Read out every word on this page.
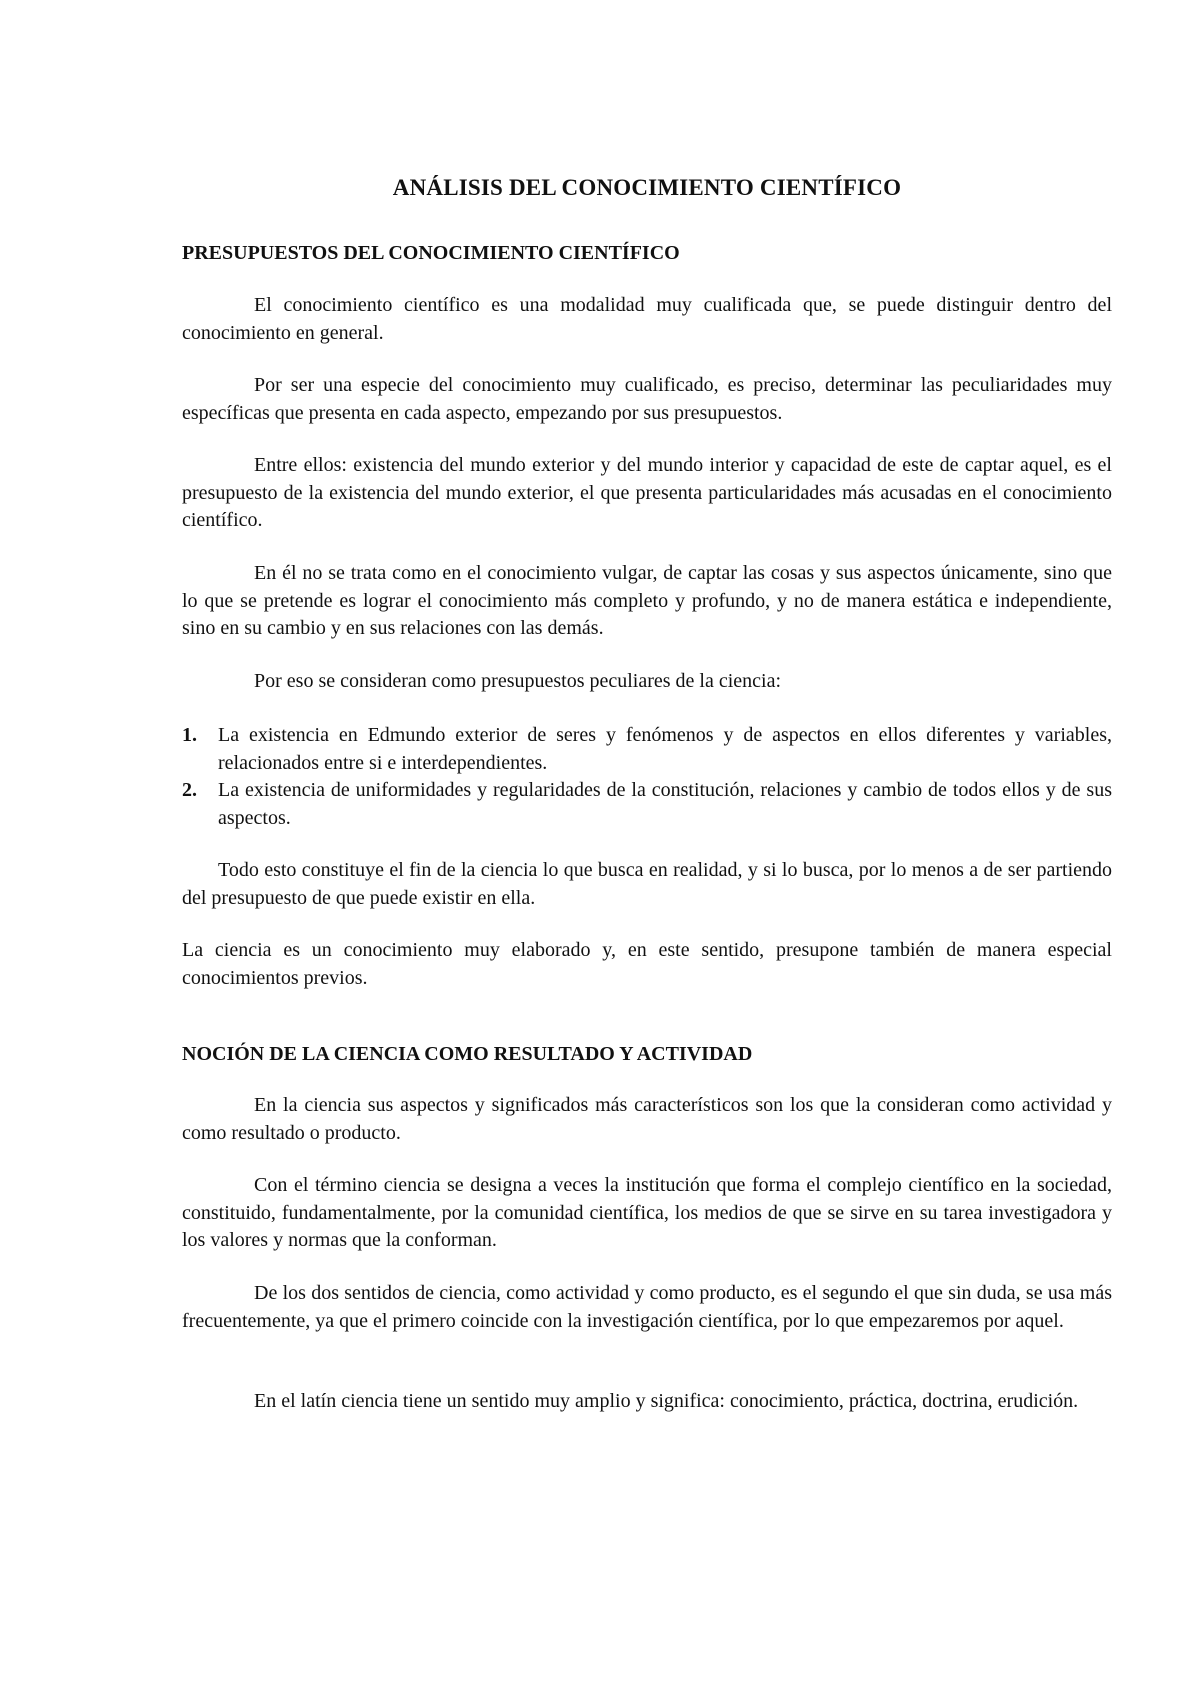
ANÁLISIS DEL CONOCIMIENTO CIENTÍFICO
PRESUPUESTOS DEL CONOCIMIENTO CIENTÍFICO

El conocimiento científico es una modalidad muy cualificada que, se puede distinguir dentro del conocimiento en general.

Por ser una especie del conocimiento muy cualificado, es preciso, determinar las peculiaridades muy específicas que presenta en cada aspecto, empezando por sus presupuestos.

Entre ellos: existencia del mundo exterior y del mundo interior y capacidad de este de captar aquel, es el presupuesto de la existencia del mundo exterior, el que presenta particularidades más acusadas en el conocimiento científico.

En él no se trata como en el conocimiento vulgar, de captar las cosas y sus aspectos únicamente, sino que lo que se pretende es lograr el conocimiento más completo y profundo, y no de manera estática e independiente, sino en su cambio y en sus relaciones con las demás.

Por eso se consideran como presupuestos peculiares de la ciencia:

1. La existencia en Edmundo exterior de seres y fenómenos y de aspectos en ellos diferentes y variables, relacionados entre si e interdependientes.
2. La existencia de uniformidades y regularidades de la constitución, relaciones y cambio de todos ellos y de sus aspectos.

Todo esto constituye el fin de la ciencia lo que busca en realidad, y si lo busca, por lo menos a de ser partiendo del presupuesto de que puede existir en ella.

La ciencia es un conocimiento muy elaborado y, en este sentido, presupone también de manera especial conocimientos previos.

NOCIÓN DE LA CIENCIA COMO RESULTADO Y ACTIVIDAD

En la ciencia sus aspectos y significados más característicos son los que la consideran como actividad y como resultado o producto.

Con el término ciencia se designa a veces la institución que forma el complejo científico en la sociedad, constituido, fundamentalmente, por la comunidad científica, los medios de que se sirve en su tarea investigadora y los valores y normas que la conforman.

De los dos sentidos de ciencia, como actividad y como producto, es el segundo el que sin duda, se usa más frecuentemente, ya que el primero coincide con la investigación científica, por lo que empezaremos por aquel.

En el latín ciencia tiene un sentido muy amplio y significa: conocimiento, práctica, doctrina, erudición.
